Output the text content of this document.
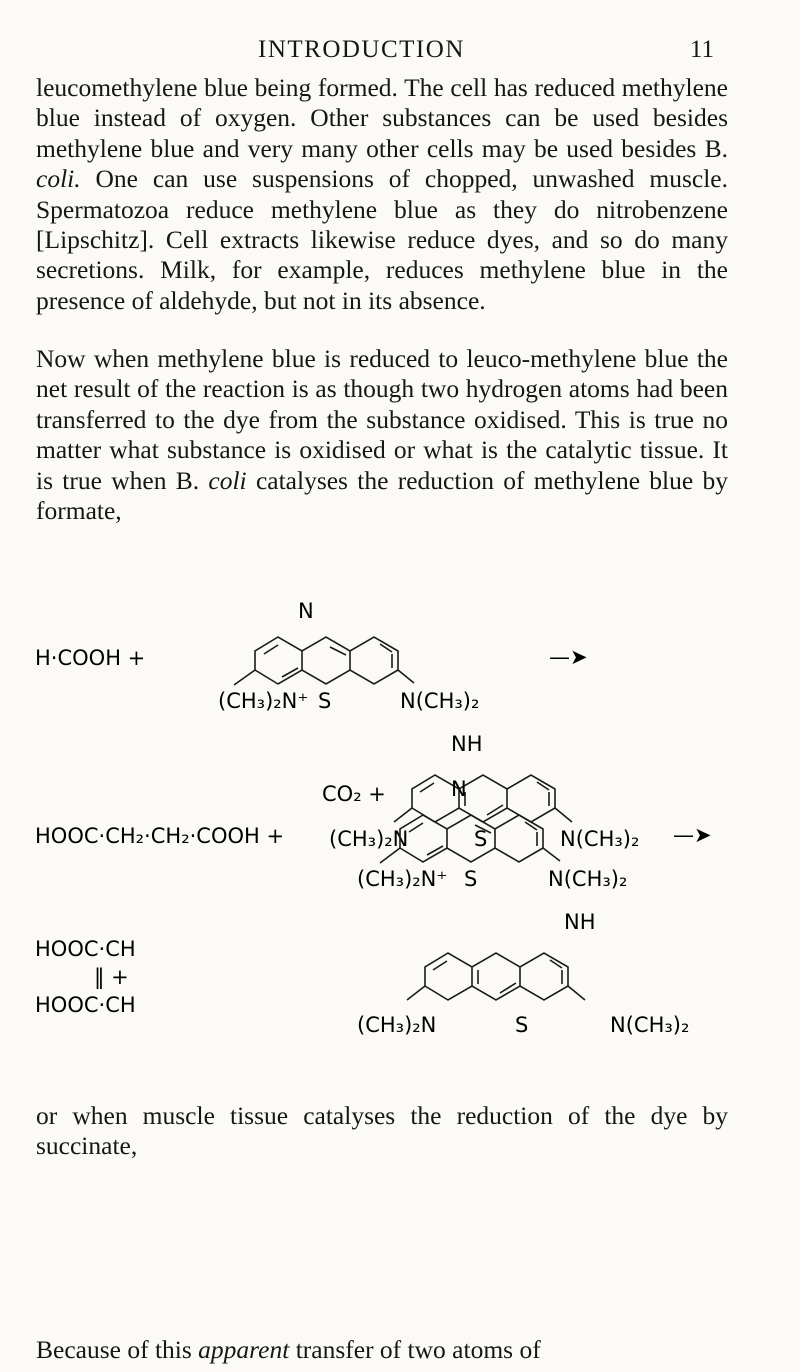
INTRODUCTION	11

leucomethylene blue being formed. The cell has reduced methylene blue instead of oxygen. Other substances can be used besides methylene blue and very many other cells may be used besides B. coli. One can use suspensions of chopped, unwashed muscle. Spermatozoa reduce methylene blue as they do nitrobenzene [Lipschitz]. Cell extracts likewise reduce dyes, and so do many secretions. Milk, for example, reduces methylene blue in the presence of aldehyde, but not in its absence.

Now when methylene blue is reduced to leuco-methylene blue the net result of the reaction is as though two hydrogen atoms had been transferred to the dye from the substance oxidised. This is true no matter what substance is oxidised or what is the catalytic tissue. It is true when B. coli catalyses the reduction of methylene blue by formate,

N
H·COOH +	—➤
(CH₃)₂N⁺ S	N(CH₃)₂
NH
CO₂ +
(CH₃)₂N	S	N(CH₃)₂

or when muscle tissue catalyses the reduction of the dye by succinate,

N
HOOC·CH₂·CH₂·COOH +	—➤
(CH₃)₂N⁺ S	N(CH₃)₂
NH
HOOC·CH
‖ +
HOOC·CH
(CH₃)₂N	S	N(CH₃)₂

Because of this apparent transfer of two atoms of
